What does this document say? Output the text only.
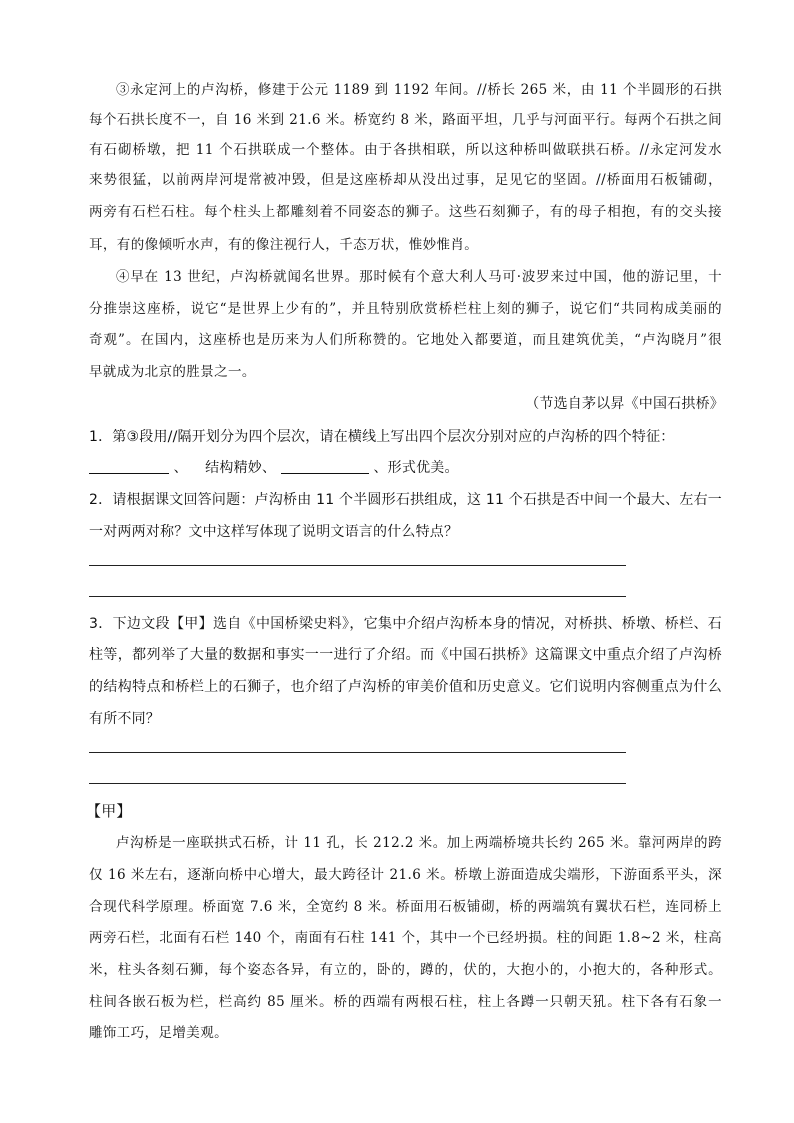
③永定河上的卢沟桥，修建于公元 1189 到 1192 年间。//桥长 265 米，由 11 个半圆形的石拱
每个石拱长度不一，自 16 米到 21.6 米。桥宽约 8 米，路面平坦，几乎与河面平行。每两个石拱之间
有石砌桥墩，把 11 个石拱联成一个整体。由于各拱相联，所以这种桥叫做联拱石桥。//永定河发水
来势很猛，以前两岸河堤常被冲毁，但是这座桥却从没出过事，足见它的坚固。//桥面用石板铺砌，
两旁有石栏石柱。每个柱头上都雕刻着不同姿态的狮子。这些石刻狮子，有的母子相抱，有的交头接
耳，有的像倾听水声，有的像注视行人，千态万状，惟妙惟肖。
④早在 13 世纪，卢沟桥就闻名世界。那时候有个意大利人马可·波罗来过中国，他的游记里，十
分推崇这座桥，说它“是世界上少有的”，并且特别欣赏桥栏柱上刻的狮子，说它们“共同构成美丽的
奇观”。在国内，这座桥也是历来为人们所称赞的。它地处入都要道，而且建筑优美，“卢沟晓月”很
早就成为北京的胜景之一。
（节选自茅以昇《中国石拱桥》
1．第③段用//隔开划分为四个层次，请在横线上写出四个层次分别对应的卢沟桥的四个特征：
、 结构精妙、	、形式优美。
2．请根据课文回答问题：卢沟桥由 11 个半圆形石拱组成，这 11 个石拱是否中间一个最大、左右一
一对两两对称？文中这样写体现了说明文语言的什么特点？
3．下边文段【甲】选自《中国桥梁史料》，它集中介绍卢沟桥本身的情况，对桥拱、桥墩、桥栏、石
柱等，都列举了大量的数据和事实一一进行了介绍。而《中国石拱桥》这篇课文中重点介绍了卢沟桥
的结构特点和桥栏上的石狮子，也介绍了卢沟桥的审美价值和历史意义。它们说明内容侧重点为什么
有所不同？
【甲】
卢沟桥是一座联拱式石桥，计 11 孔，长 212.2 米。加上两端桥境共长约 265 米。靠河两岸的跨
仅 16 米左右，逐渐向桥中心增大，最大跨径计 21.6 米。桥墩上游面造成尖端形，下游面系平头，深
合现代科学原理。桥面宽 7.6 米，全宽约 8 米。桥面用石板铺砌，桥的两端筑有翼状石栏，连同桥上
两旁石栏，北面有石栏 140 个，南面有石柱 141 个，其中一个已经坍损。柱的间距 1.8~2 米，柱高
米，柱头各刻石狮，每个姿态各异，有立的，卧的，蹲的，伏的，大抱小的，小抱大的，各种形式。
柱间各嵌石板为栏，栏高约 85 厘米。桥的西端有两根石柱，柱上各蹲一只朝天犼。柱下各有石象一
雕饰工巧，足增美观。
